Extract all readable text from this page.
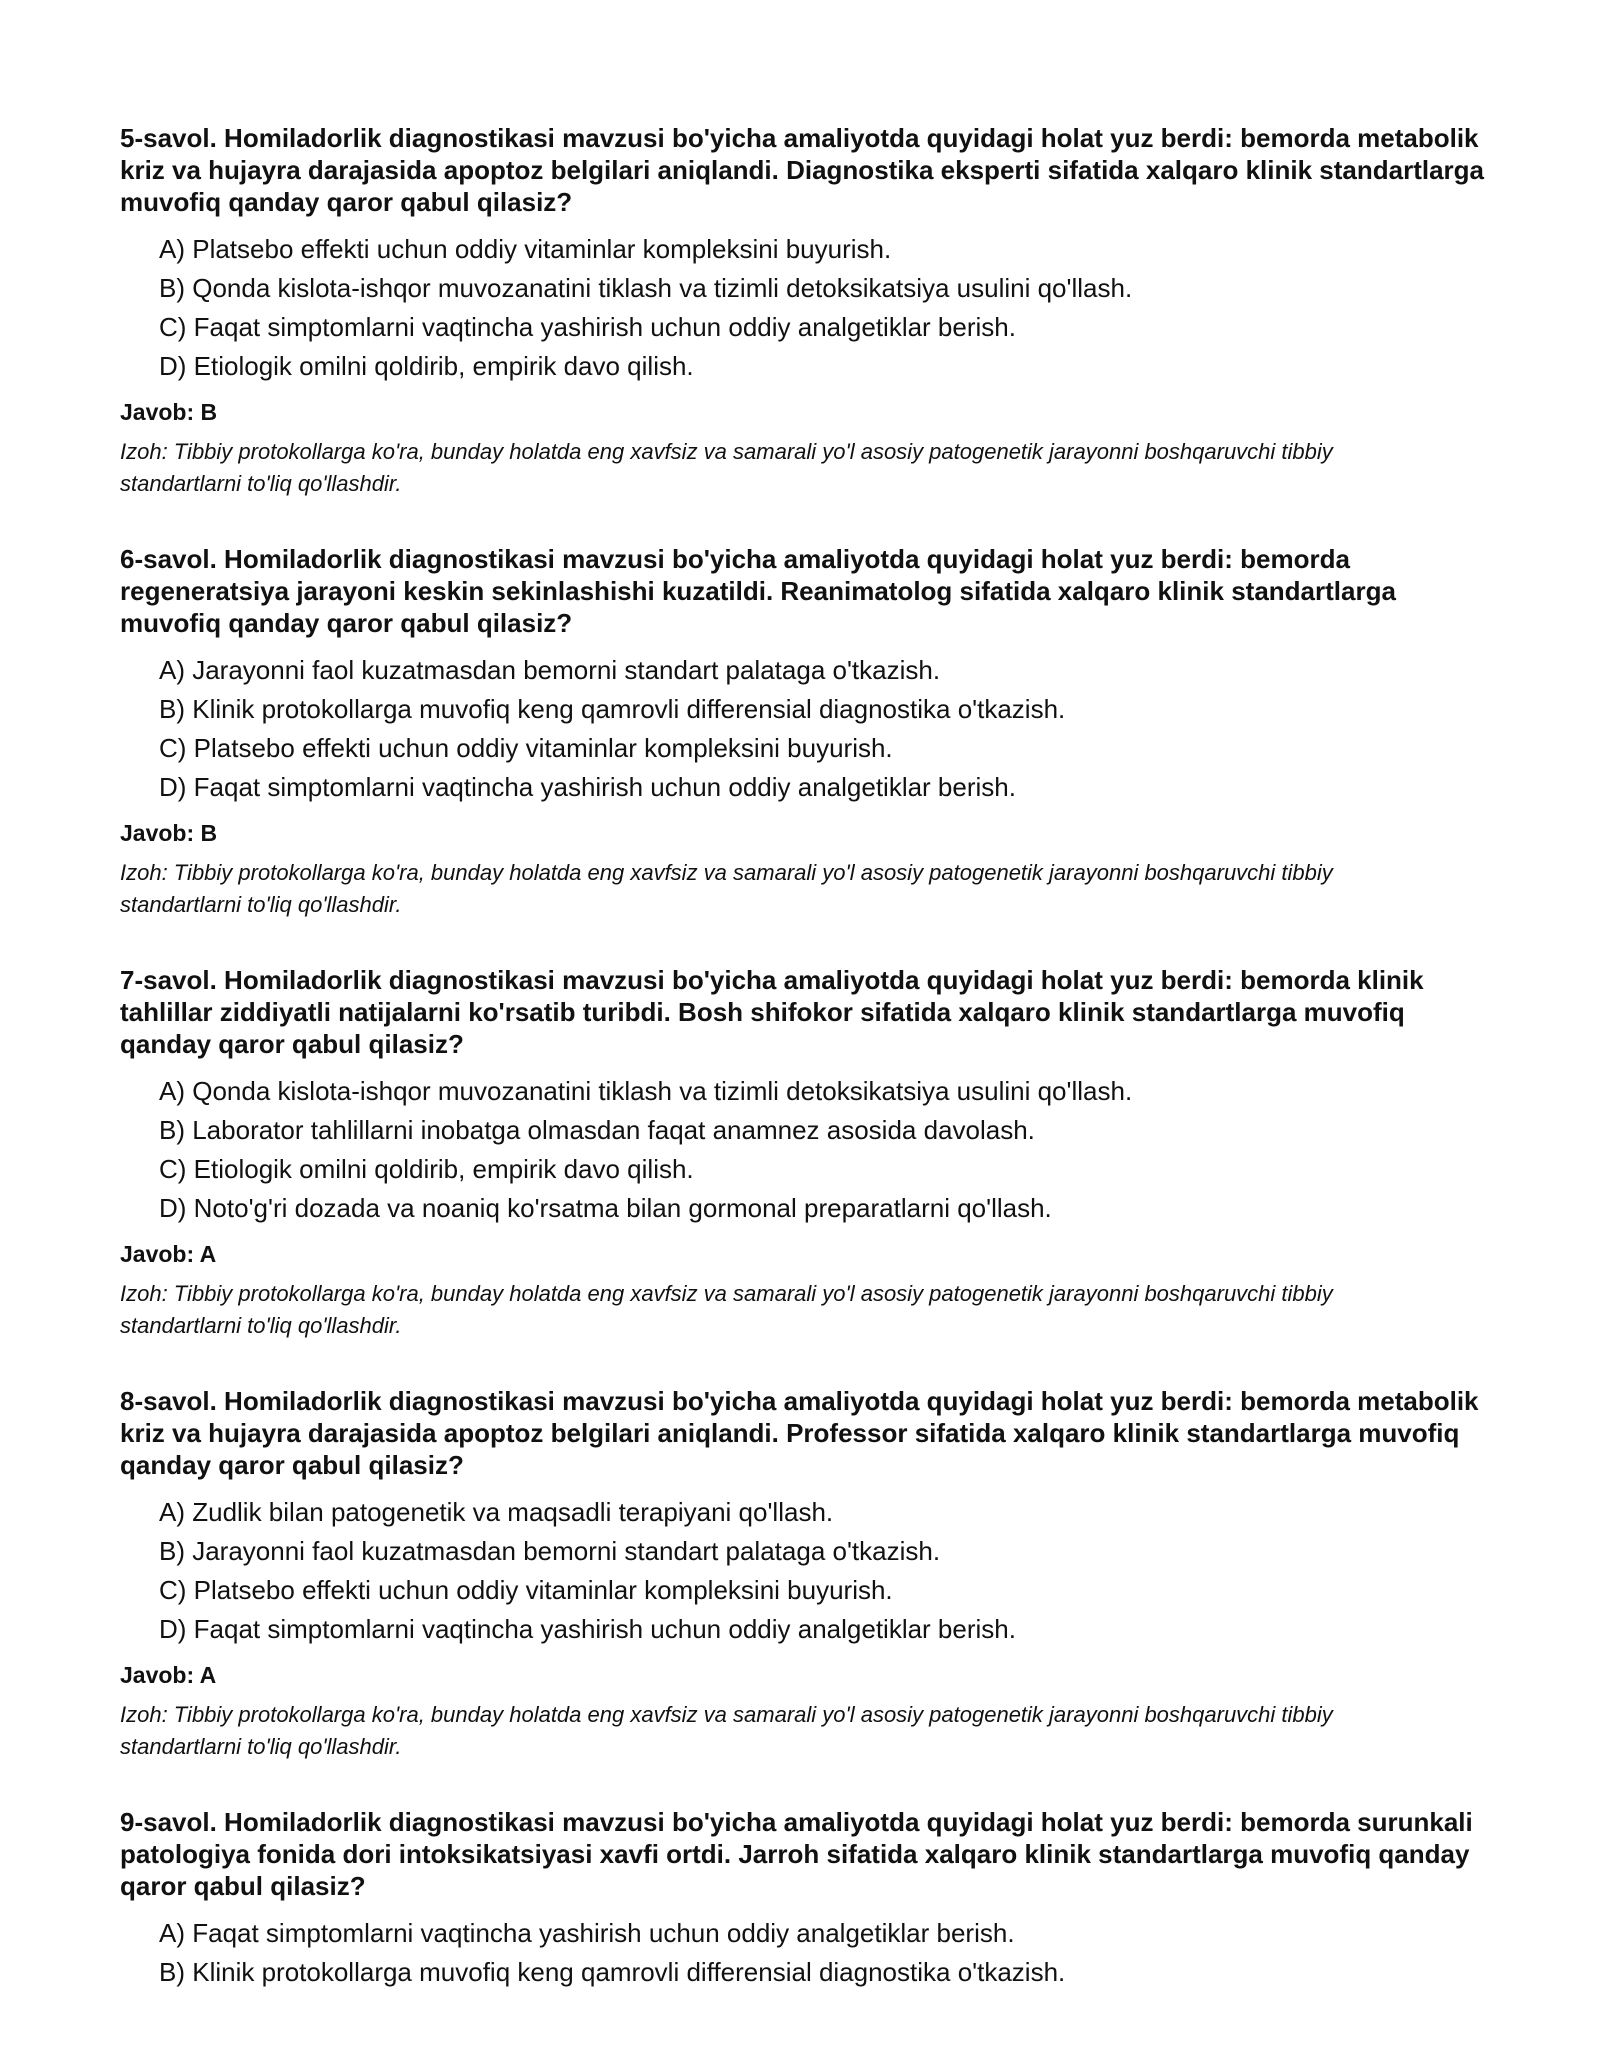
5-savol. Homiladorlik diagnostikasi mavzusi bo'yicha amaliyotda quyidagi holat yuz berdi: bemorda metabolik kriz va hujayra darajasida apoptoz belgilari aniqlandi. Diagnostika eksperti sifatida xalqaro klinik standartlarga muvofiq qanday qaror qabul qilasiz?

A) Platsebo effekti uchun oddiy vitaminlar kompleksini buyurish.
B) Qonda kislota-ishqor muvozanatini tiklash va tizimli detoksikatsiya usulini qo'llash.
C) Faqat simptomlarni vaqtincha yashirish uchun oddiy analgetiklar berish.
D) Etiologik omilni qoldirib, empirik davo qilish.
Javob: B

Izoh: Tibbiy protokollarga ko'ra, bunday holatda eng xavfsiz va samarali yo'l asosiy patogenetik jarayonni boshqaruvchi tibbiy standartlarni to'liq qo'llashdir.

6-savol. Homiladorlik diagnostikasi mavzusi bo'yicha amaliyotda quyidagi holat yuz berdi: bemorda regeneratsiya jarayoni keskin sekinlashishi kuzatildi. Reanimatolog sifatida xalqaro klinik standartlarga muvofiq qanday qaror qabul qilasiz?

A) Jarayonni faol kuzatmasdan bemorni standart palataga o'tkazish.
B) Klinik protokollarga muvofiq keng qamrovli differensial diagnostika o'tkazish.
C) Platsebo effekti uchun oddiy vitaminlar kompleksini buyurish.
D) Faqat simptomlarni vaqtincha yashirish uchun oddiy analgetiklar berish.
Javob: B

Izoh: Tibbiy protokollarga ko'ra, bunday holatda eng xavfsiz va samarali yo'l asosiy patogenetik jarayonni boshqaruvchi tibbiy standartlarni to'liq qo'llashdir.

7-savol. Homiladorlik diagnostikasi mavzusi bo'yicha amaliyotda quyidagi holat yuz berdi: bemorda klinik tahlillar ziddiyatli natijalarni ko'rsatib turibdi. Bosh shifokor sifatida xalqaro klinik standartlarga muvofiq qanday qaror qabul qilasiz?

A) Qonda kislota-ishqor muvozanatini tiklash va tizimli detoksikatsiya usulini qo'llash.
B) Laborator tahlillarni inobatga olmasdan faqat anamnez asosida davolash.
C) Etiologik omilni qoldirib, empirik davo qilish.
D) Noto'g'ri dozada va noaniq ko'rsatma bilan gormonal preparatlarni qo'llash.
Javob: A

Izoh: Tibbiy protokollarga ko'ra, bunday holatda eng xavfsiz va samarali yo'l asosiy patogenetik jarayonni boshqaruvchi tibbiy standartlarni to'liq qo'llashdir.

8-savol. Homiladorlik diagnostikasi mavzusi bo'yicha amaliyotda quyidagi holat yuz berdi: bemorda metabolik kriz va hujayra darajasida apoptoz belgilari aniqlandi. Professor sifatida xalqaro klinik standartlarga muvofiq qanday qaror qabul qilasiz?

A) Zudlik bilan patogenetik va maqsadli terapiyani qo'llash.
B) Jarayonni faol kuzatmasdan bemorni standart palataga o'tkazish.
C) Platsebo effekti uchun oddiy vitaminlar kompleksini buyurish.
D) Faqat simptomlarni vaqtincha yashirish uchun oddiy analgetiklar berish.
Javob: A

Izoh: Tibbiy protokollarga ko'ra, bunday holatda eng xavfsiz va samarali yo'l asosiy patogenetik jarayonni boshqaruvchi tibbiy standartlarni to'liq qo'llashdir.

9-savol. Homiladorlik diagnostikasi mavzusi bo'yicha amaliyotda quyidagi holat yuz berdi: bemorda surunkali patologiya fonida dori intoksikatsiyasi xavfi ortdi. Jarroh sifatida xalqaro klinik standartlarga muvofiq qanday qaror qabul qilasiz?

A) Faqat simptomlarni vaqtincha yashirish uchun oddiy analgetiklar berish.
B) Klinik protokollarga muvofiq keng qamrovli differensial diagnostika o'tkazish.
